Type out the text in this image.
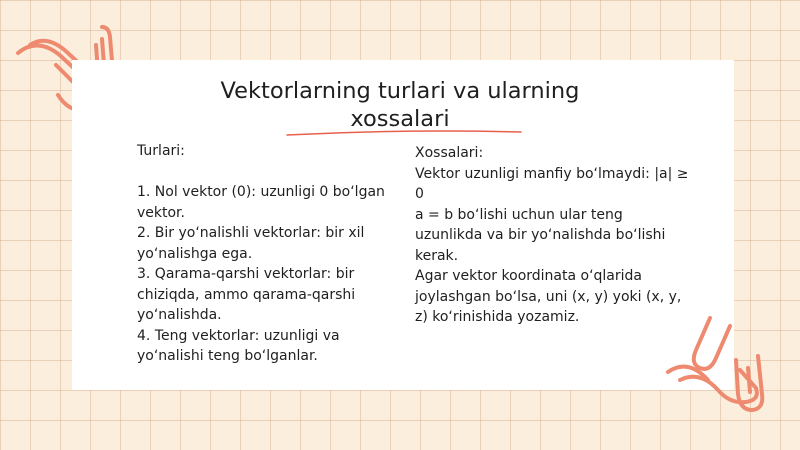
Vektorlarning turlari va ularning
xossalari

Turlari:

1. Nol vektor (0): uzunligi 0 bo‘lgan vektor.

2. Bir yo‘nalishli vektorlar: bir xil yo‘nalishga ega.

3. Qarama-qarshi vektorlar: bir chiziqda, ammo qarama-qarshi yo‘nalishda.

4. Teng vektorlar: uzunligi va yo‘nalishi teng bo‘lganlar.

Xossalari:

Vektor uzunligi manfiy bo‘lmaydi: |a| ≥ 0

a = b bo‘lishi uchun ular teng uzunlikda va bir yo‘nalishda bo‘lishi kerak.

Agar vektor koordinata o‘qlarida joylashgan bo‘lsa, uni (x, y) yoki (x, y, z) ko‘rinishida yozamiz.
